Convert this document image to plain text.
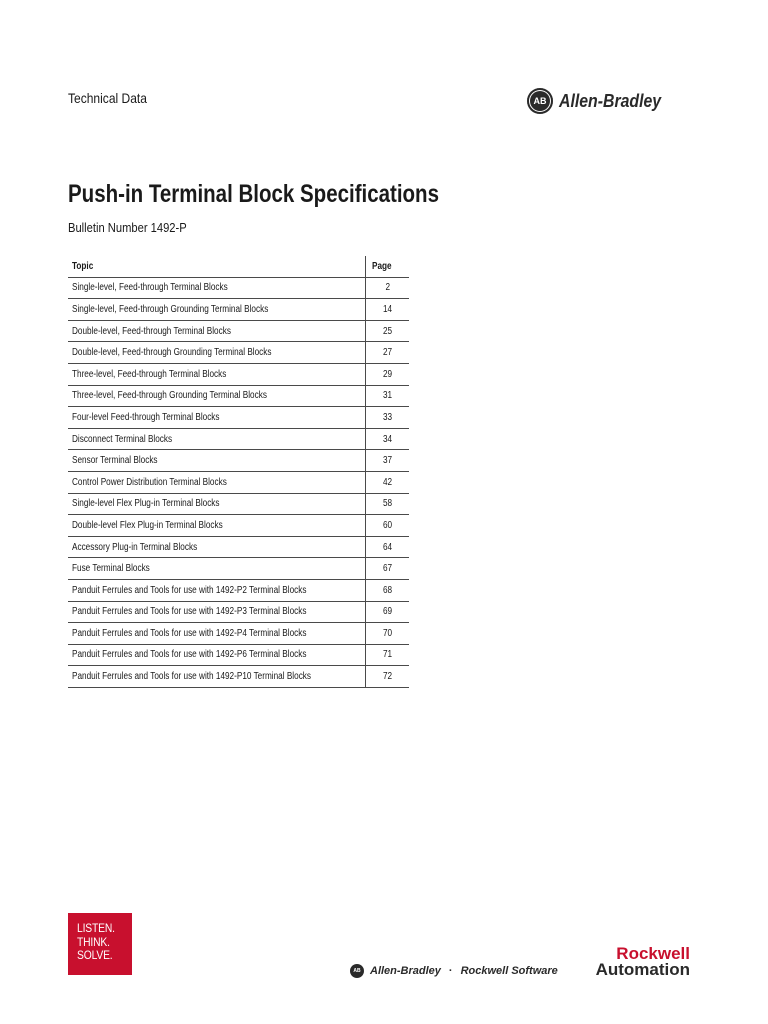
Technical Data	AB Allen-Bradley
Push-in Terminal Block Specifications
Bulletin Number 1492-P
Topic	Page
Single-level, Feed-through Terminal Blocks	2
Single-level, Feed-through Grounding Terminal Blocks	14
Double-level, Feed-through Terminal Blocks	25
Double-level, Feed-through Grounding Terminal Blocks	27
Three-level, Feed-through Terminal Blocks	29
Three-level, Feed-through Grounding Terminal Blocks	31
Four-level Feed-through Terminal Blocks	33
Disconnect Terminal Blocks	34
Sensor Terminal Blocks	37
Control Power Distribution Terminal Blocks	42
Single-level Flex Plug-in Terminal Blocks	58
Double-level Flex Plug-in Terminal Blocks	60
Accessory Plug-in Terminal Blocks	64
Fuse Terminal Blocks	67
Panduit Ferrules and Tools for use with 1492-P2 Terminal Blocks	68
Panduit Ferrules and Tools for use with 1492-P3 Terminal Blocks	69
Panduit Ferrules and Tools for use with 1492-P4 Terminal Blocks	70
Panduit Ferrules and Tools for use with 1492-P6 Terminal Blocks	71
Panduit Ferrules and Tools for use with 1492-P10 Terminal Blocks	72
LISTEN.
THINK.
SOLVE.
AB Allen-Bradley · Rockwell Software
Rockwell
Automation
